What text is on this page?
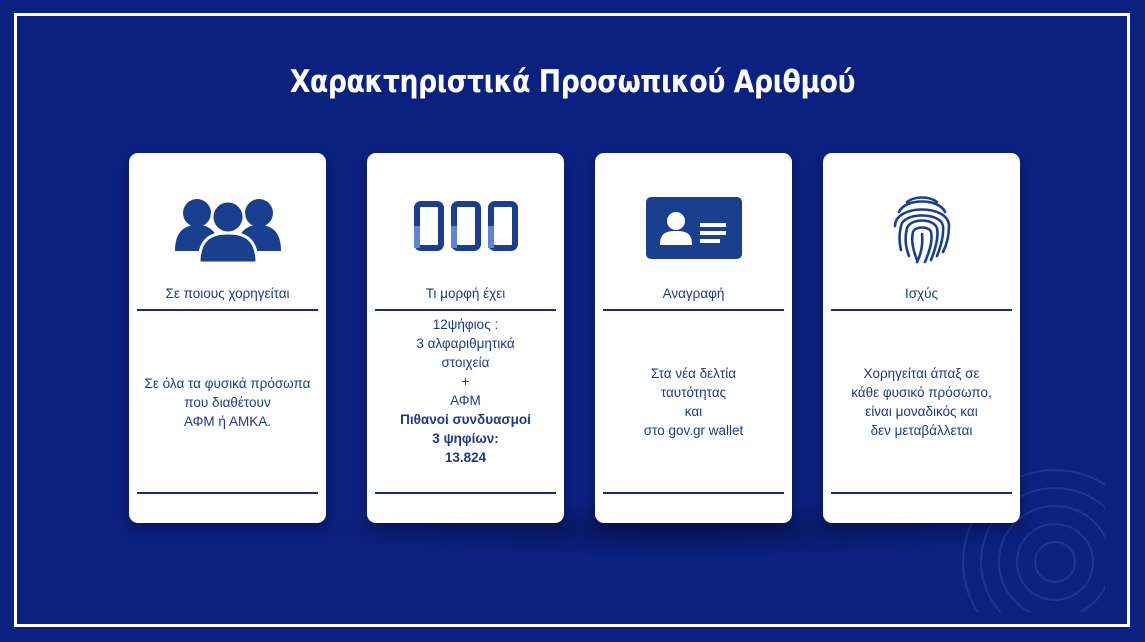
Χαρακτηριστικά Προσωπικού Αριθμού
Σε ποιους χορηγείται
Σε όλα τα φυσικά πρόσωπα
που διαθέτουν
ΑΦΜ ή ΑΜΚΑ.
Τι μορφή έχει
12ψήφιος :
3 αλφαριθμητικά
στοιχεία
+
ΑΦΜ
Πιθανοί συνδυασμοί
3 ψηφίων:
13.824
Αναγραφή
Στα νέα δελτία
ταυτότητας
και
στο gov.gr wallet
Ισχύς
Χορηγείται άπαξ σε
κάθε φυσικό πρόσωπο,
είναι μοναδικός και
δεν μεταβάλλεται
